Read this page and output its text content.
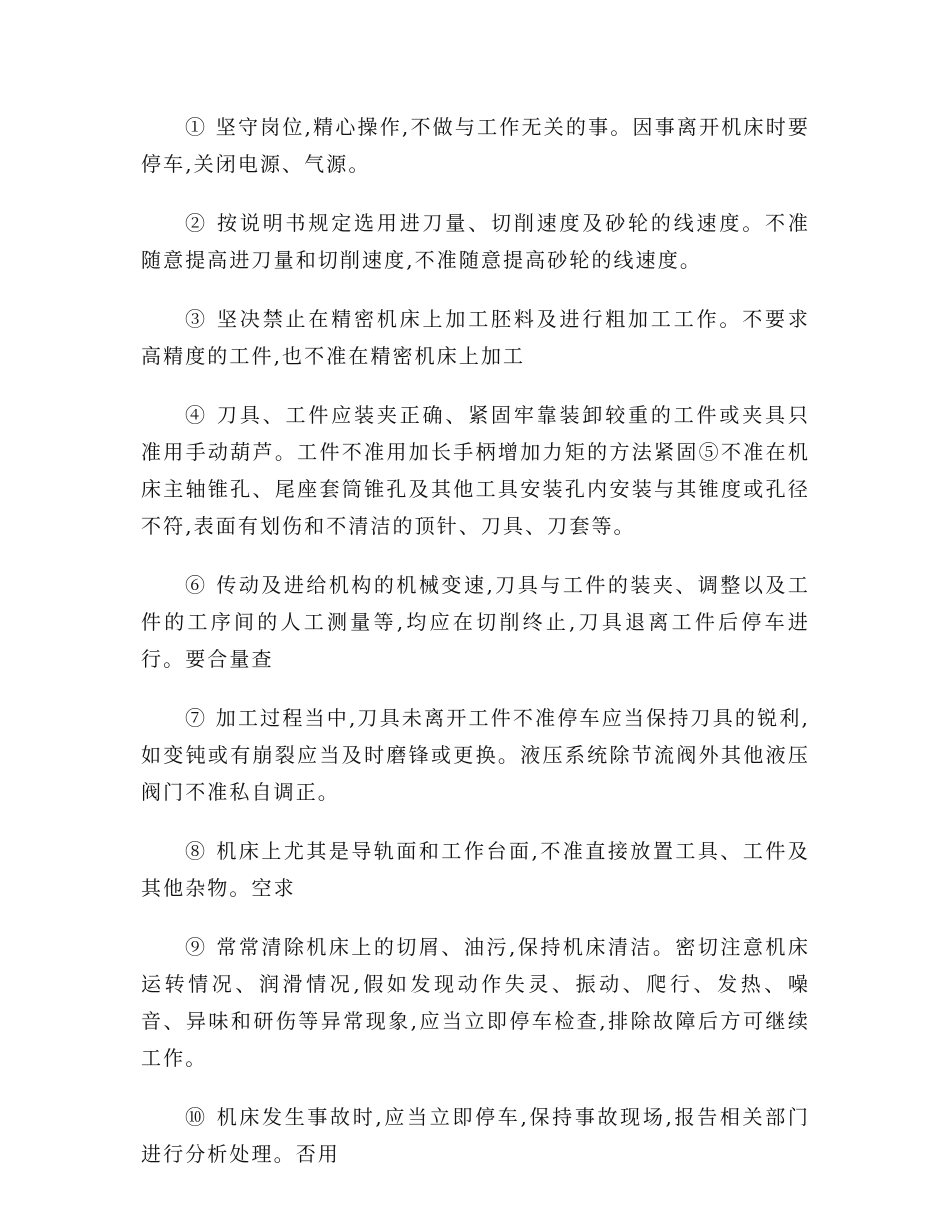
① 坚守岗位,精心操作,不做与工作无关的事。因事离开机床时要停车,关闭电源、气源。

② 按说明书规定选用进刀量、切削速度及砂轮的线速度。不准随意提高进刀量和切削速度,不准随意提高砂轮的线速度。

③ 坚决禁止在精密机床上加工胚料及进行粗加工工作。不要求高精度的工件,也不准在精密机床上加工

④ 刀具、工件应装夹正确、紧固牢靠装卸较重的工件或夹具只准用手动葫芦。工件不准用加长手柄增加力矩的方法紧固⑤不准在机床主轴锥孔、尾座套筒锥孔及其他工具安装孔内安装与其锥度或孔径不符,表面有划伤和不清洁的顶针、刀具、刀套等。

⑥ 传动及进给机构的机械变速,刀具与工件的装夹、调整以及工件的工序间的人工测量等,均应在切削终止,刀具退离工件后停车进行。要合量查

⑦ 加工过程当中,刀具未离开工件不准停车应当保持刀具的锐利,如变钝或有崩裂应当及时磨锋或更换。液压系统除节流阀外其他液压阀门不准私自调正。

⑧ 机床上尤其是导轨面和工作台面,不准直接放置工具、工件及其他杂物。空求

⑨ 常常清除机床上的切屑、油污,保持机床清洁。密切注意机床运转情况、润滑情况,假如发现动作失灵、振动、爬行、发热、噪音、异味和研伤等异常现象,应当立即停车检查,排除故障后方可继续工作。

⑩ 机床发生事故时,应当立即停车,保持事故现场,报告相关部门进行分析处理。否用
